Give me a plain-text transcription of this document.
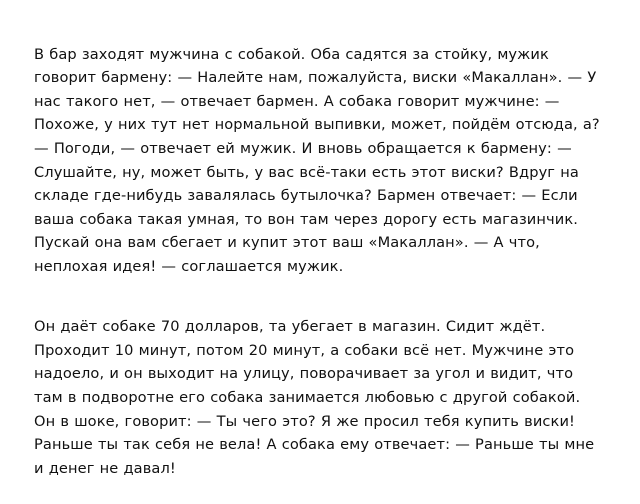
В бар заходят мужчина с собакой. Оба садятся за стойку, мужик говорит бармену: — Налейте нам, пожалуйста, виски «Макаллан». — У нас такого нет, — отвечает бармен. А собака говорит мужчине: — Похоже, у них тут нет нормальной выпивки, может, пойдём отсюда, а? — Погоди, — отвечает ей мужик. И вновь обращается к бармену: — Слушайте, ну, может быть, у вас всё-таки есть этот виски? Вдруг на складе где-нибудь завалялась бутылочка? Бармен отвечает: — Если ваша собака такая умная, то вон там через дорогу есть магазинчик. Пускай она вам сбегает и купит этот ваш «Макаллан». — А что, неплохая идея! — соглашается мужик.

Он даёт собаке 70 долларов, та убегает в магазин. Сидит ждёт. Проходит 10 минут, потом 20 минут, а собаки всё нет. Мужчине это надоело, и он выходит на улицу, поворачивает за угол и видит, что там в подворотне его собака занимается любовью с другой собакой. Он в шоке, говорит: — Ты чего это? Я же просил тебя купить виски! Раньше ты так себя не вела! А собака ему отвечает: — Раньше ты мне и денег не давал!
